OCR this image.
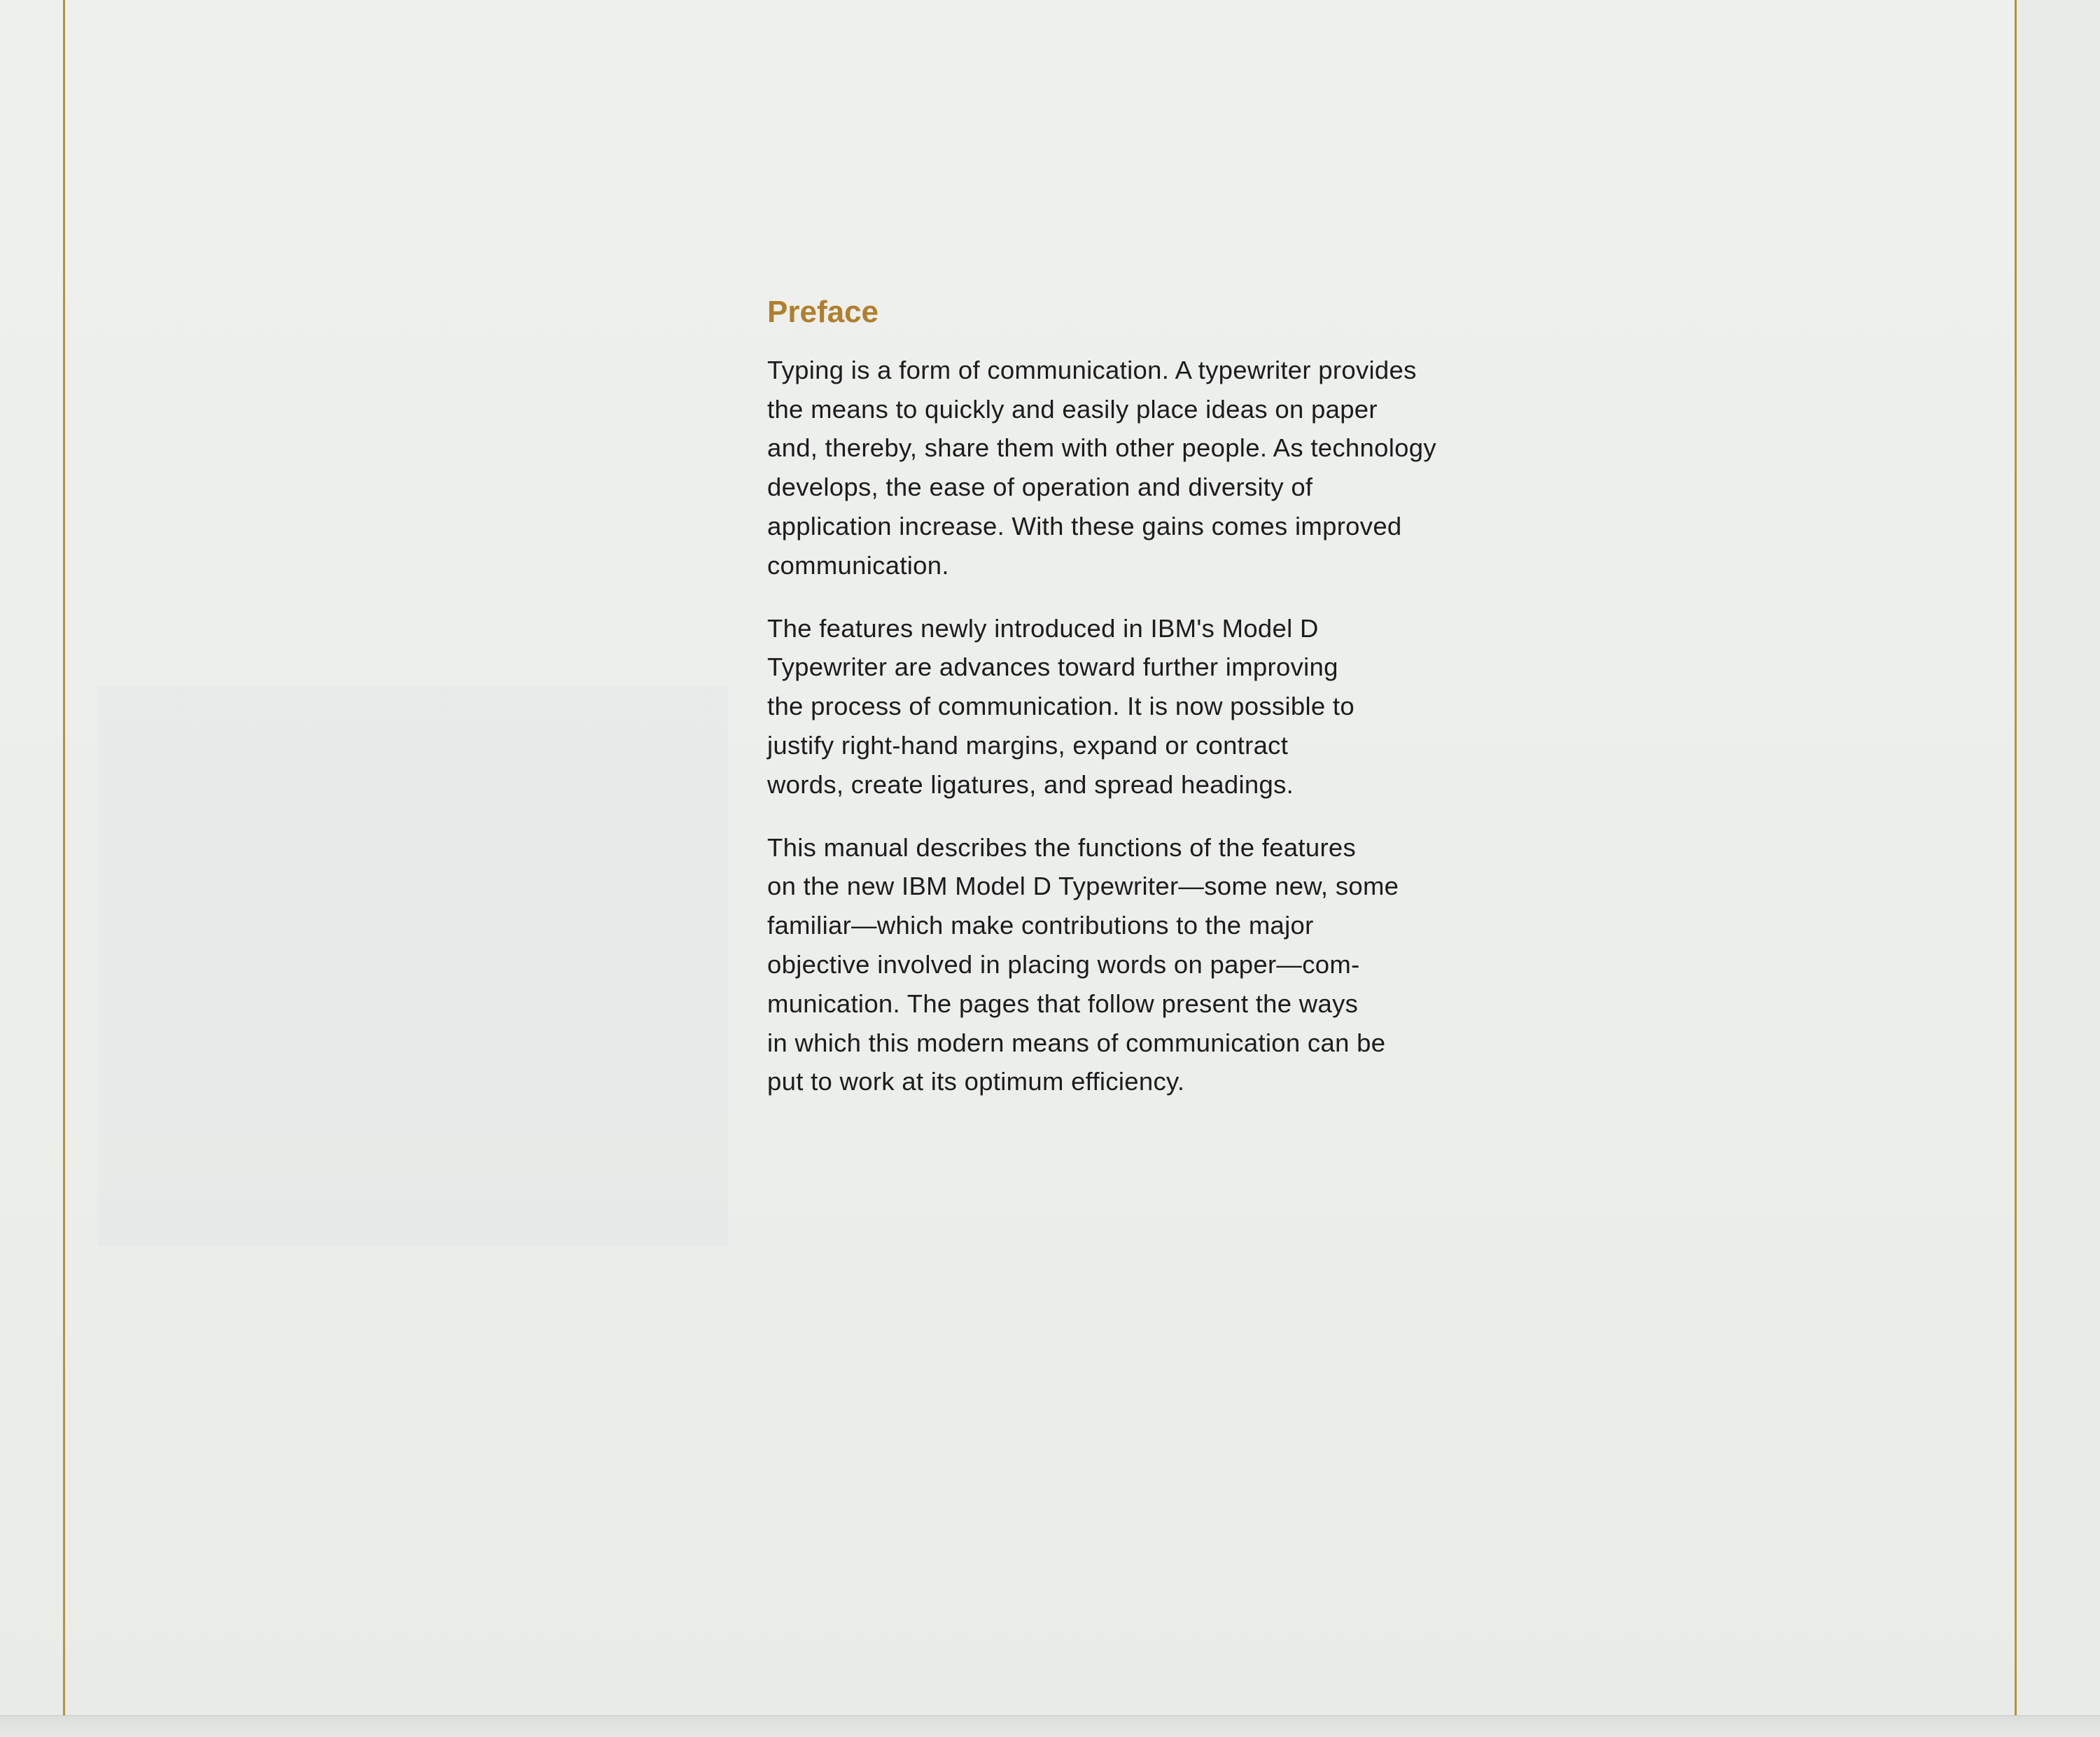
Preface

Typing is a form of communication. A typewriter provides
the means to quickly and easily place ideas on paper
and, thereby, share them with other people. As technology
develops, the ease of operation and diversity of
application increase. With these gains comes improved
communication.

The features newly introduced in IBM's Model D
Typewriter are advances toward further improving
the process of communication. It is now possible to
justify right-hand margins, expand or contract
words, create ligatures, and spread headings.

This manual describes the functions of the features
on the new IBM Model D Typewriter—some new, some
familiar—which make contributions to the major
objective involved in placing words on paper—com-
munication. The pages that follow present the ways
in which this modern means of communication can be
put to work at its optimum efficiency.
